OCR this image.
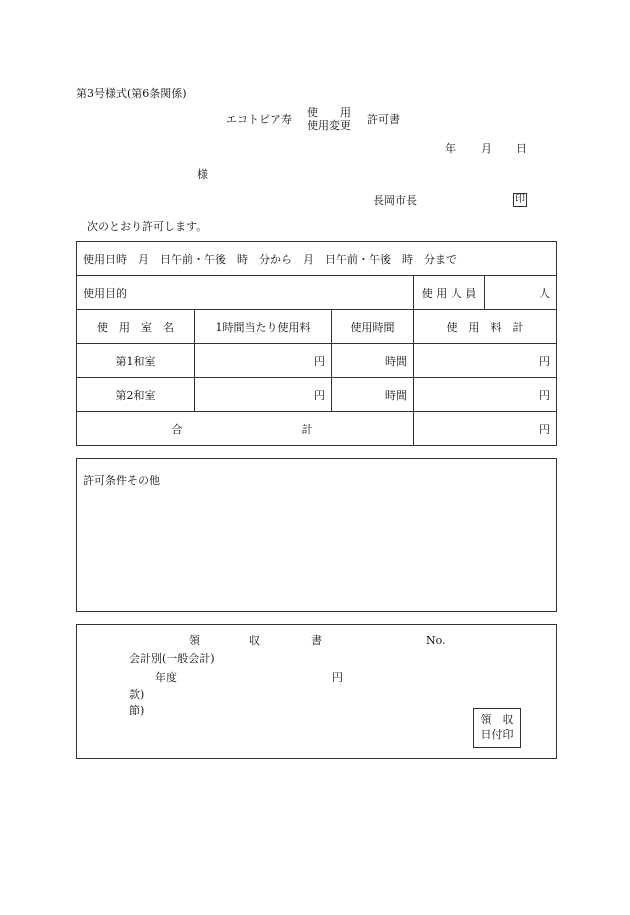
第3号様式(第6条関係)
エコトピア寿
使　　用
使用変更 許可書
年 月 日
様
長岡市長	印
次のとおり許可します。
使用日時　 月　日午前・午後　時　分から　月　日午前・午後　時　分まで				
使用目的			使 用 人 員	人
使　用　室　名	1時間当たり使用料	使用時間	使　用　料　計	
第1和室	円	時間	円	
第2和室	円	時間	円	
合 計			円	
許可条件その他
領	収	書	No.
会計別(一般会計)
年度	円
款)
節)
領　収
日付印
